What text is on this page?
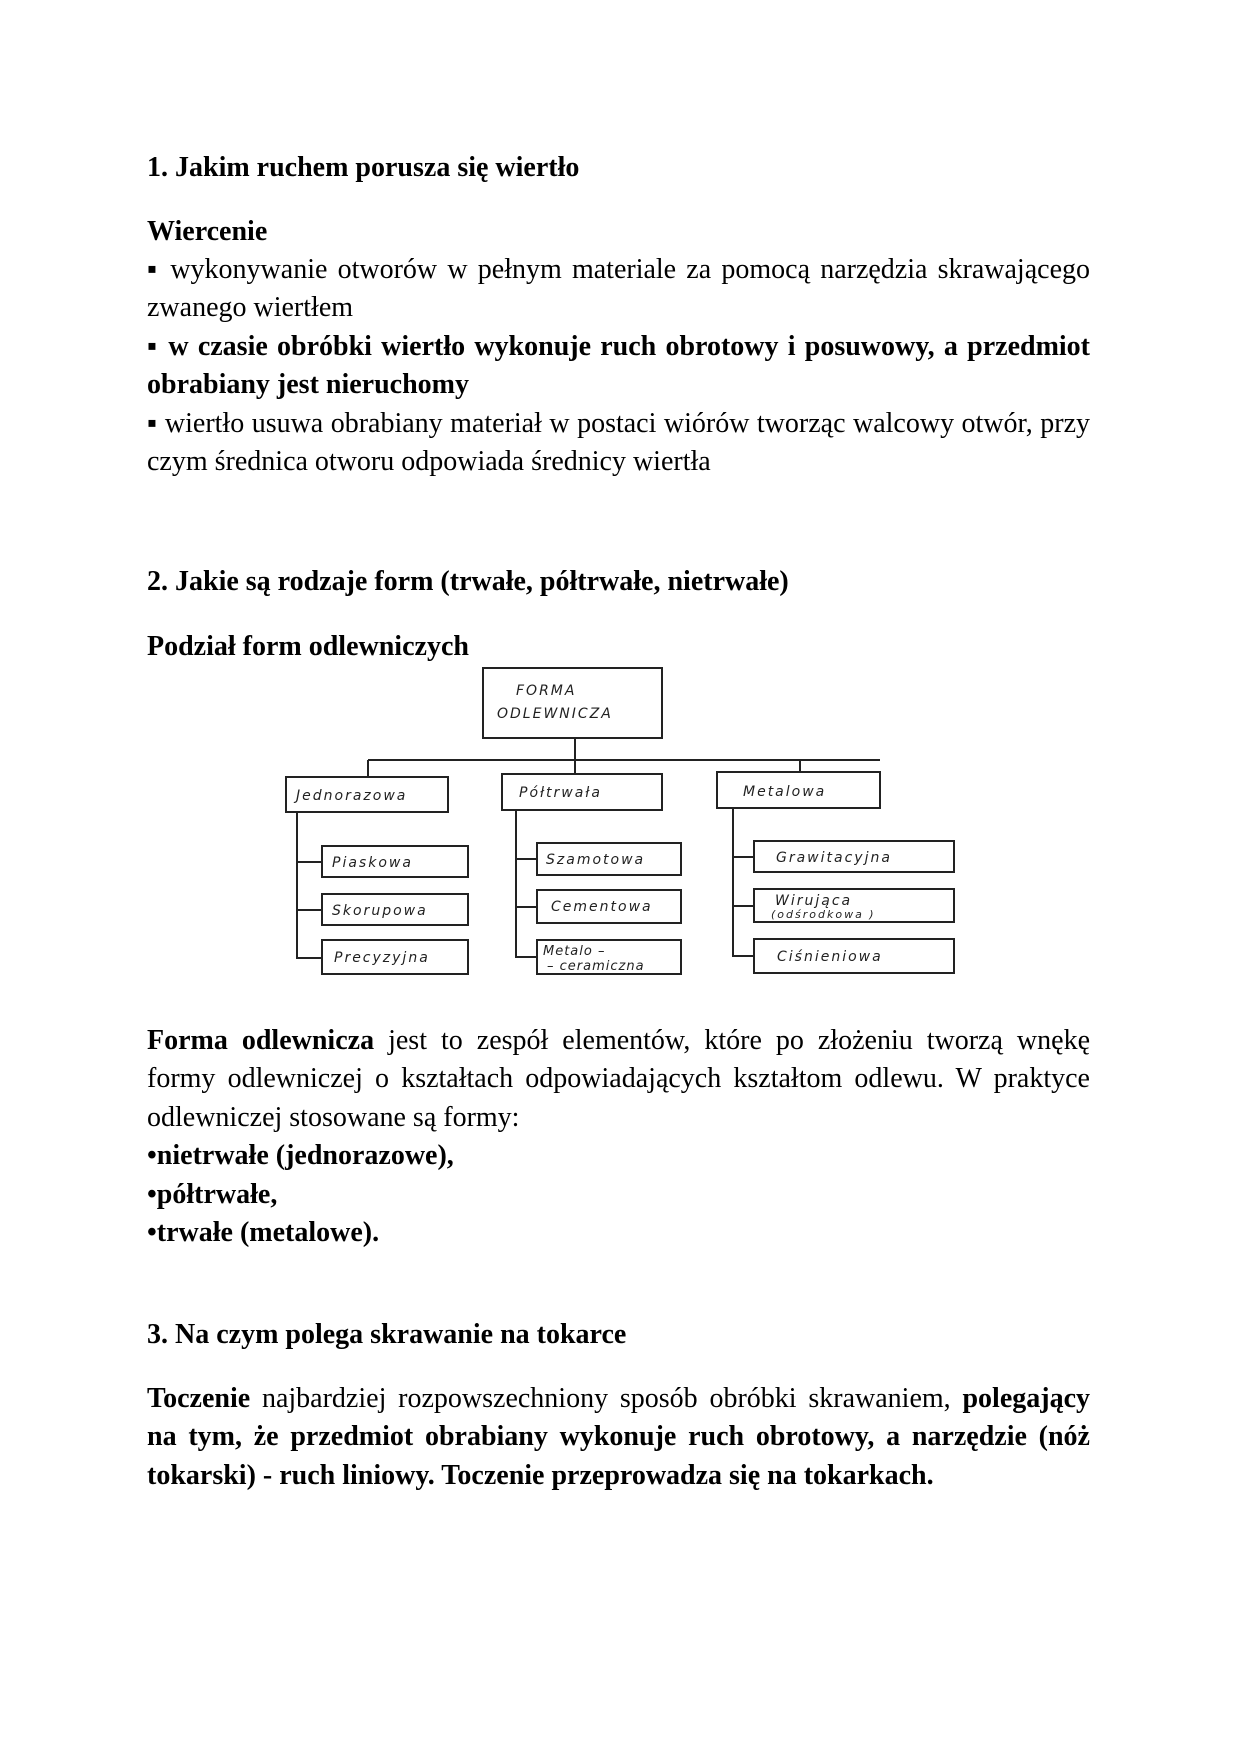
1. Jakim ruchem porusza się wiertło
Wiercenie

▪ wykonywanie otworów w pełnym materiale za pomocą narzędzia skrawającego zwanego wiertłem

▪ w czasie obróbki wiertło wykonuje ruch obrotowy i posuwowy, a przedmiot obrabiany jest nieruchomy

▪ wiertło usuwa obrabiany materiał w postaci wiórów tworząc walcowy otwór, przy czym średnica otworu odpowiada średnicy wiertła

2. Jakie są rodzaje form (trwałe, półtrwałe, nietrwałe)
Podział form odlewniczych
FORMA
ODLEWNICZA
Jednorazowa	Półtrwała	Metalowa
Piaskowa
Skorupowa
Precyzyjna
Szamotowa
Cementowa
Metalo –
– ceramiczna
Grawitacyjna
Wirująca
(odśrodkowa )
Ciśnieniowa

Forma odlewnicza jest to zespół elementów, które po złożeniu tworzą wnękę formy odlewniczej o kształtach odpowiadających kształtom odlewu. W praktyce odlewniczej stosowane są formy:

•nietrwałe (jednorazowe),

•półtrwałe,

•trwałe (metalowe).

3. Na czym polega skrawanie na tokarce

Toczenie najbardziej rozpowszechniony sposób obróbki skrawaniem, polegający na tym, że przedmiot obrabiany wykonuje ruch obrotowy, a narzędzie (nóż tokarski) - ruch liniowy. Toczenie przeprowadza się na tokarkach.
